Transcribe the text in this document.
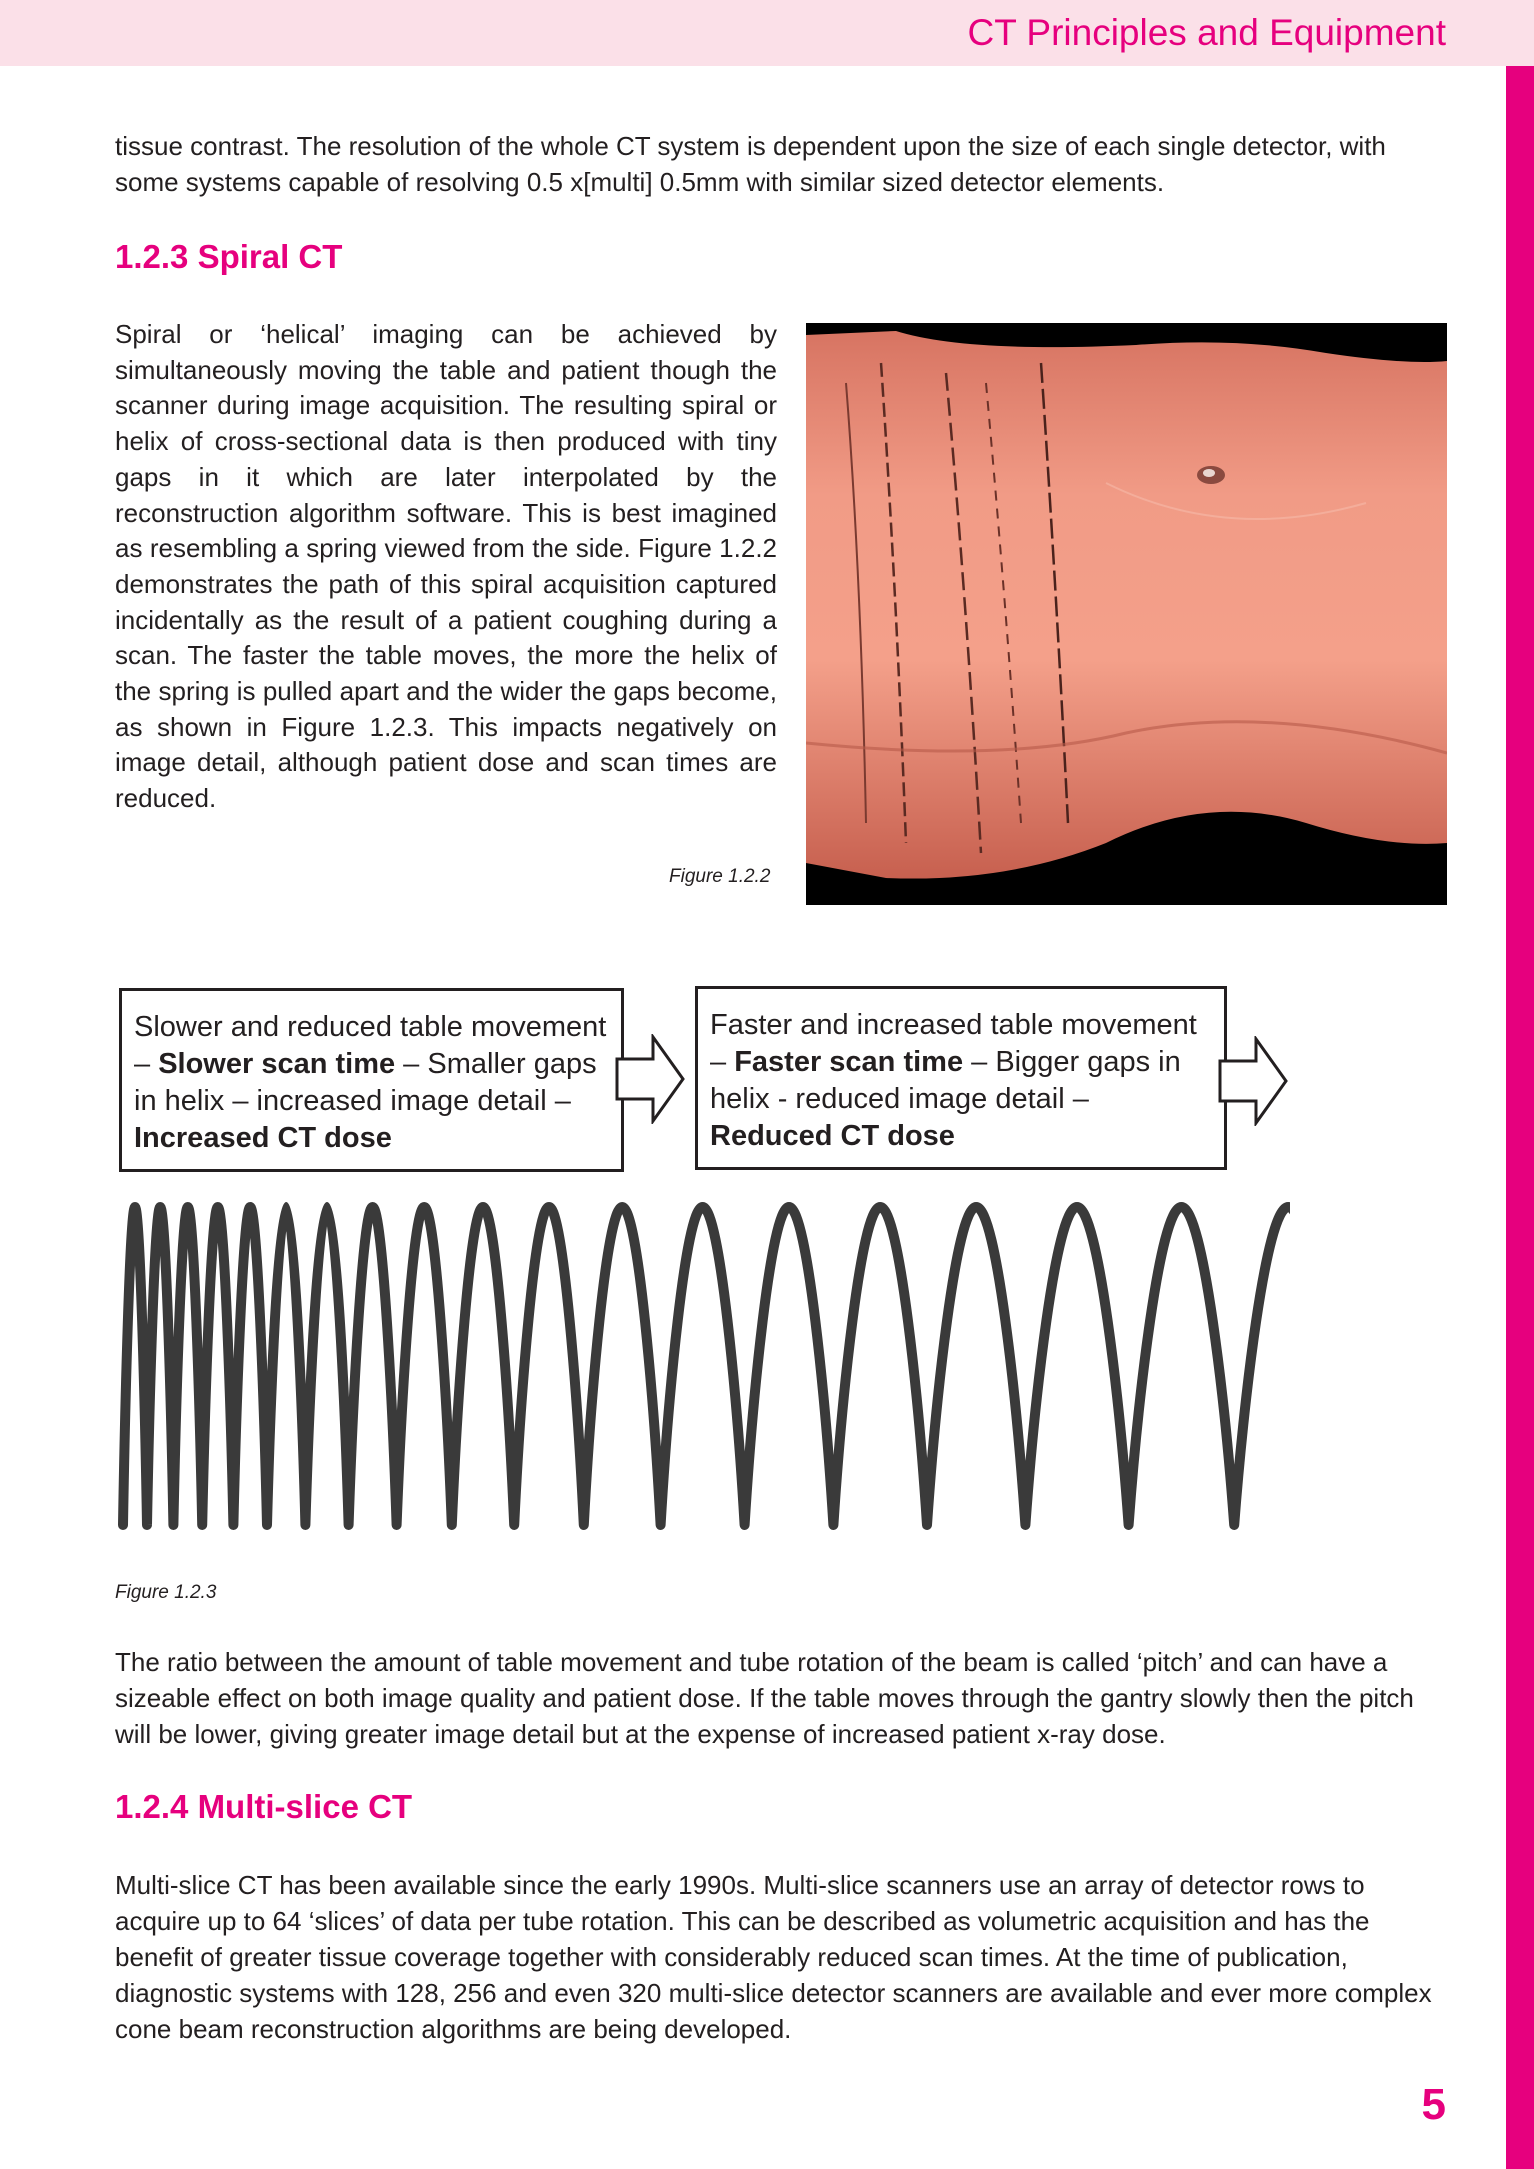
CT Principles and Equipment

tissue contrast. The resolution of the whole CT system is dependent upon the size of each single detector, with some systems capable of resolving 0.5 x[multi] 0.5mm with similar sized detector elements.

1.2.3 Spiral CT

Spiral or ‘helical’ imaging can be achieved by simultaneously moving the table and patient though the scanner during image acquisition. The resulting spiral or helix of cross-sectional data is then produced with tiny gaps in it which are later interpolated by the reconstruction algorithm software. This is best imagined as resembling a spring viewed from the side. Figure 1.2.2 demonstrates the path of this spiral acquisition captured incidentally as the result of a patient coughing during a scan. The faster the table moves, the more the helix of the spring is pulled apart and the wider the gaps become, as shown in Figure 1.2.3. This impacts negatively on image detail, although patient dose and scan times are reduced.

Figure 1.2.2
Slower and reduced table movement – Slower scan time – Smaller gaps in helix – increased image detail – Increased CT dose
Faster and increased table movement – Faster scan time – Bigger gaps in helix - reduced image detail – Reduced CT dose
Figure 1.2.3

The ratio between the amount of table movement and tube rotation of the beam is called ‘pitch’ and can have a sizeable effect on both image quality and patient dose. If the table moves through the gantry slowly then the pitch will be lower, giving greater image detail but at the expense of increased patient x-ray dose.

1.2.4 Multi-slice CT

Multi-slice CT has been available since the early 1990s. Multi-slice scanners use an array of detector rows to acquire up to 64 ‘slices’ of data per tube rotation. This can be described as volumetric acquisition and has the benefit of greater tissue coverage together with considerably reduced scan times. At the time of publication, diagnostic systems with 128, 256 and even 320 multi-slice detector scanners are available and ever more complex cone beam reconstruction algorithms are being developed.

5
